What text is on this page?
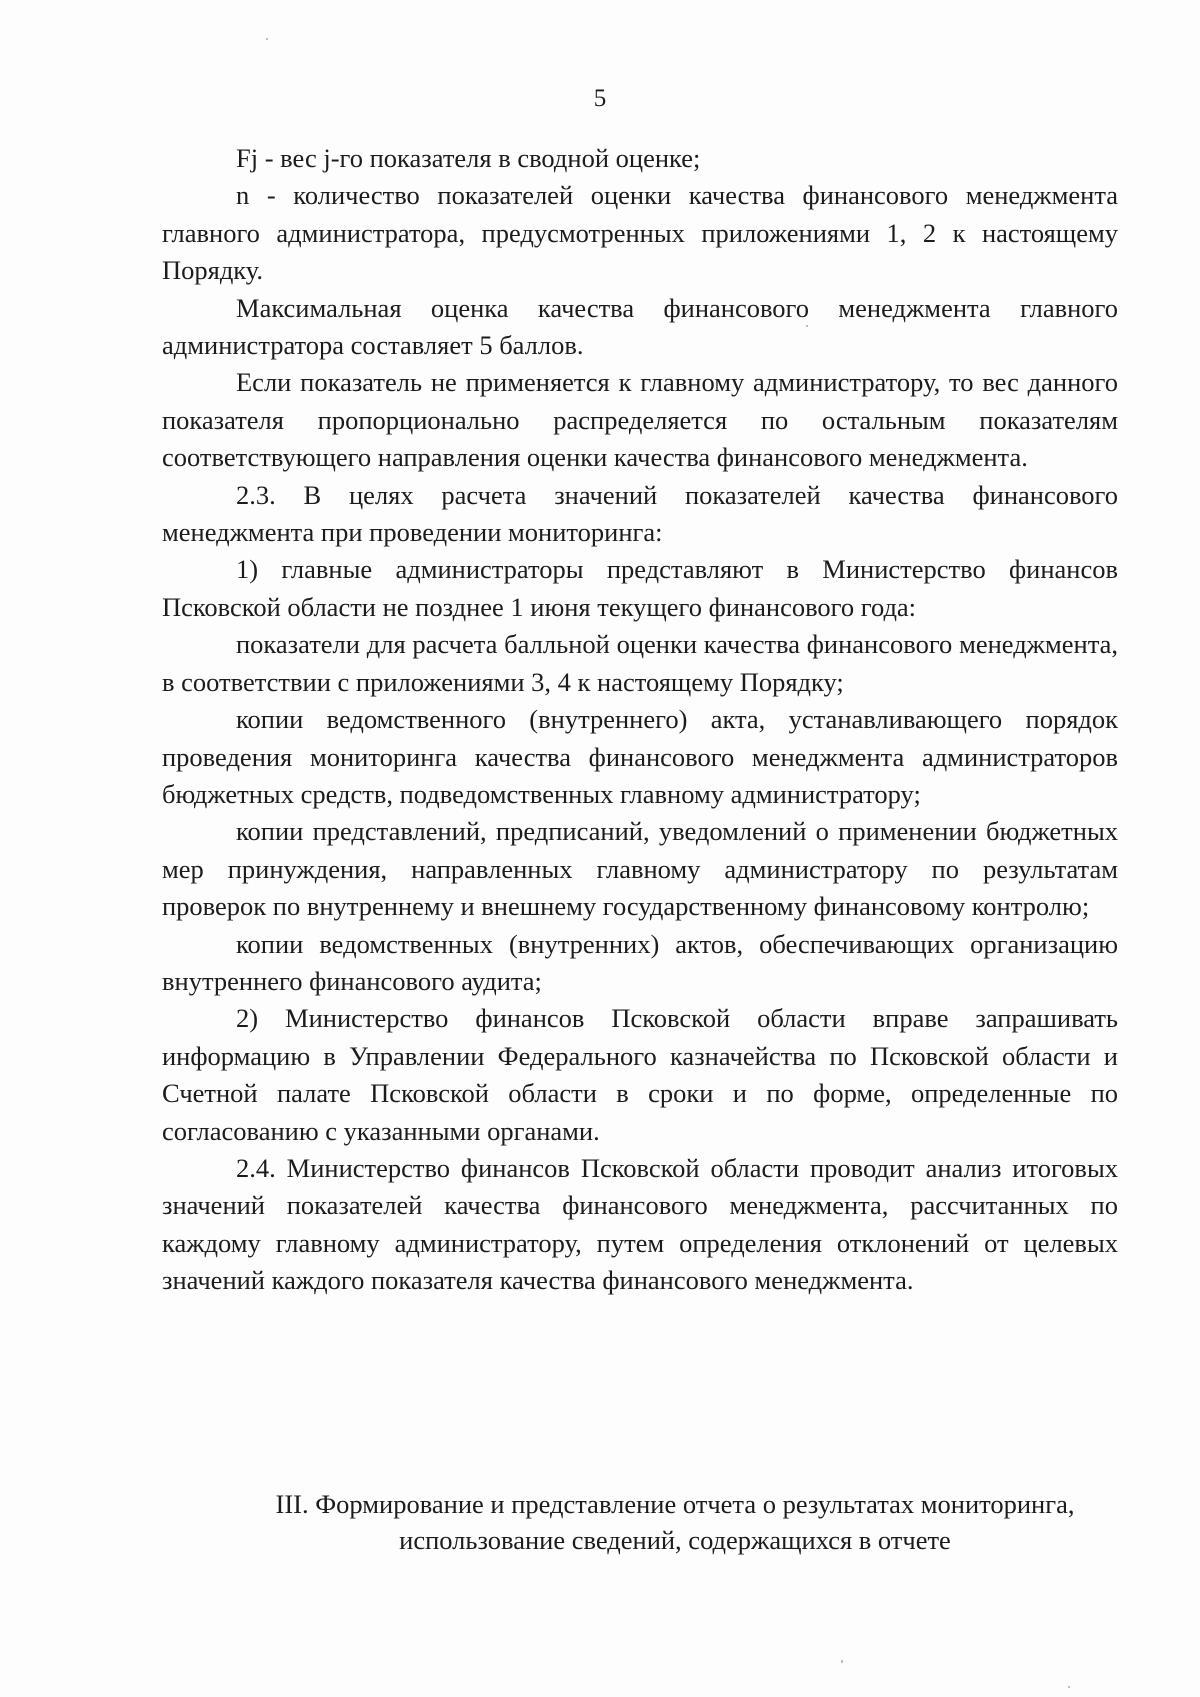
5

Fj - вес j-го показателя в сводной оценке;

n - количество показателей оценки качества финансового менеджмента главного администратора, предусмотренных приложениями 1, 2 к настоящему Порядку.

Максимальная оценка качества финансового менеджмента главного администратора составляет 5 баллов.

Если показатель не применяется к главному администратору, то вес данного показателя пропорционально распределяется по остальным показателям соответствующего направления оценки качества финансового менеджмента.

2.3. В целях расчета значений показателей качества финансового менеджмента при проведении мониторинга:

1) главные администраторы представляют в Министерство финансов Псковской области не позднее 1 июня текущего финансового года:

показатели для расчета балльной оценки качества финансового менеджмента, в соответствии с приложениями 3, 4 к настоящему Порядку;

копии ведомственного (внутреннего) акта, устанавливающего порядок проведения мониторинга качества финансового менеджмента администраторов бюджетных средств, подведомственных главному администратору;

копии представлений, предписаний, уведомлений о применении бюджетных мер принуждения, направленных главному администратору по результатам проверок по внутреннему и внешнему государственному финансовому контролю;

копии ведомственных (внутренних) актов, обеспечивающих организацию внутреннего финансового аудита;

2) Министерство финансов Псковской области вправе запрашивать информацию в Управлении Федерального казначейства по Псковской области и Счетной палате Псковской области в сроки и по форме, определенные по согласованию с указанными органами.

2.4. Министерство финансов Псковской области проводит анализ итоговых значений показателей качества финансового менеджмента, рассчитанных по каждому главному администратору, путем определения отклонений от целевых значений каждого показателя качества финансового менеджмента.

III. Формирование и представление отчета о результатах мониторинга,
использование сведений, содержащихся в отчете
